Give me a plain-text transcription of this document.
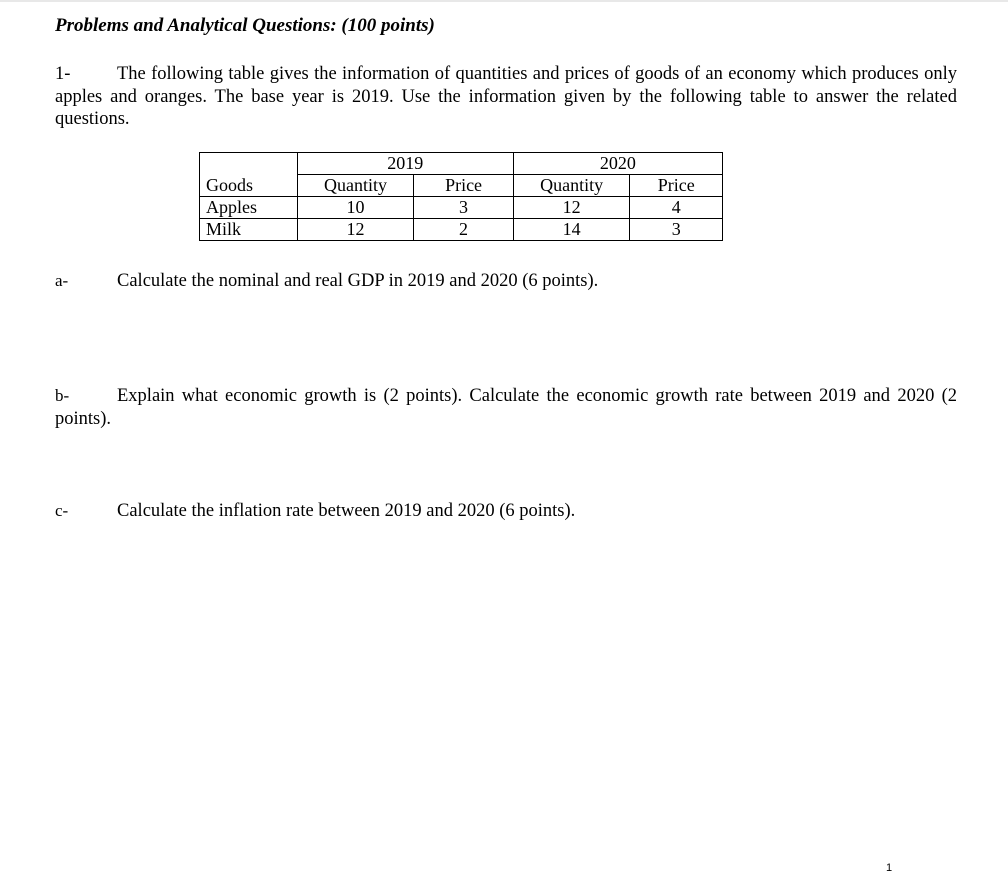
Problems and Analytical Questions: (100 points)
1-	The following table gives the information of quantities and prices of goods of an economy which produces only apples and oranges. The base year is 2019. Use the information given by the following table to answer the related questions.
	2019		2020	
Goods	Quantity	Price	Quantity	Price
Apples	10	3	12	4
Milk	12	2	14	3
a-	Calculate the nominal and real GDP in 2019 and 2020 (6 points).
b-	Explain what economic growth is (2 points). Calculate the economic growth rate between 2019 and 2020 (2 points).
c-	Calculate the inflation rate between 2019 and 2020 (6 points).
1
